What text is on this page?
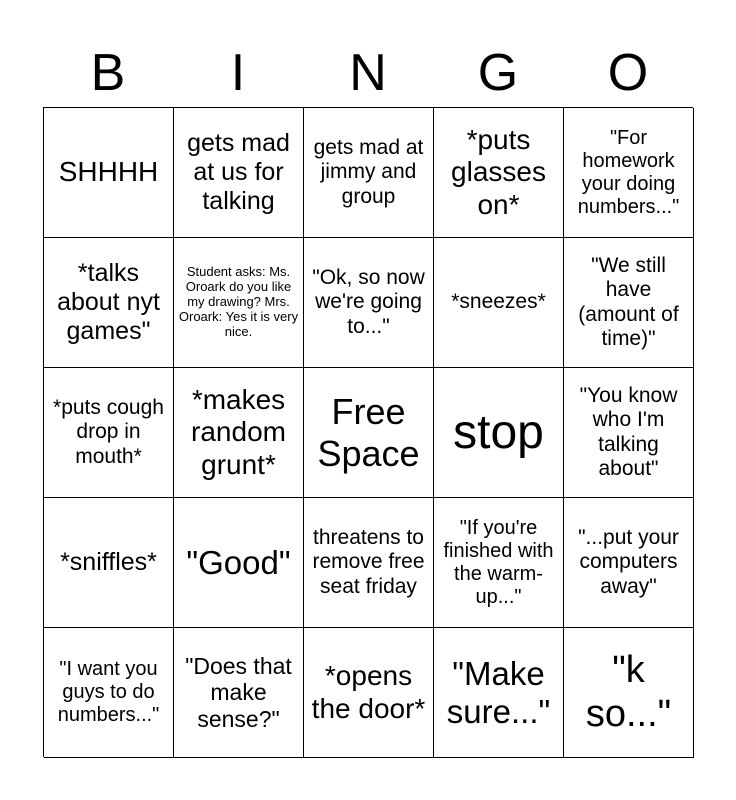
B	I	N	G	O
SHHHH
gets mad at us for talking
gets mad at jimmy and group
*puts glasses on*
"For homework your doing numbers..."
*talks about nyt games"
Student asks: Ms. Oroark do you like my drawing? Mrs. Oroark: Yes it is very nice.
"Ok, so now we're going to..."
*sneezes*
"We still have (amount of time)"
*puts cough drop in mouth*
*makes random grunt*
Free Space stop
"You know who I'm talking about"
*sniffles* "Good"
threatens to remove free seat friday
"If you're finished with the warm-up..."
"...put your computers away"
"I want you guys to do numbers..."
"Does that make sense?"
*opens the door*
"Make sure..."
"k so..."
